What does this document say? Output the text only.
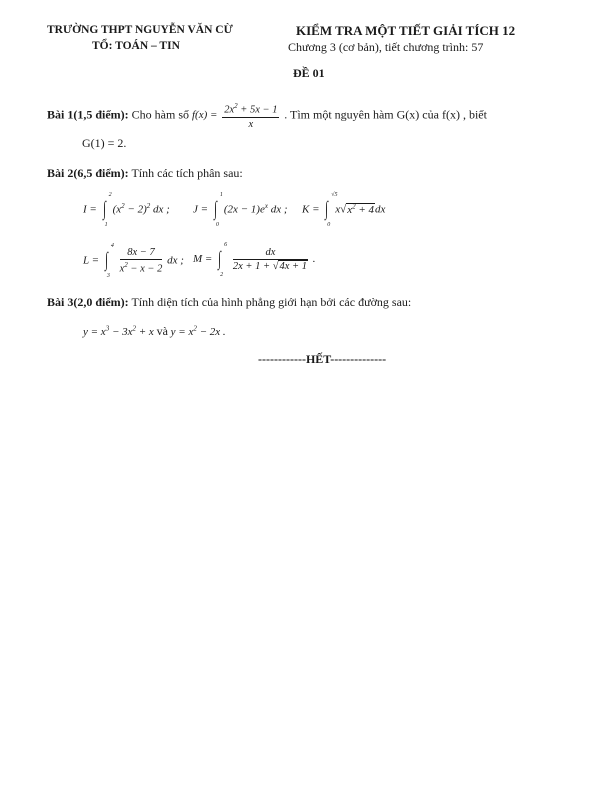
TRƯỜNG THPT NGUYỄN VĂN CỪ
TỔ: TOÁN – TIN
KIỂM TRA MỘT TIẾT GIẢI TÍCH 12
Chương 3 (cơ bản), tiết chương trình: 57
ĐỀ 01
Bài 1(1,5 điểm): Cho hàm số $f(x) = \frac{2x^2 + 5x - 1}{x}$ . Tìm một nguyên hàm G(x) của f(x) , biết
G(1) = 2.
Bài 2(6,5 điểm): Tính các tích phân sau:
I = ∫
2
1
$(x^2 - 2)^2$ dx ; J = ∫
1
0
$(2x - 1)e^x$ dx ; K = ∫
√5
0
$x√x^2 + 4dx$
L = ∫
4
3

$\frac{8x - 7}{x^2 - x - 2}$ dx ; M = ∫
6
2

$\frac{dx}{2x + 1 + √4x + 1}$ .
Bài 3(2,0 điểm): Tính diện tích của hình phẳng giới hạn bởi các đường sau:
$y = x^3 - 3x^2 + x$ và $y = x^2 - 2x$ .
------------HẾT--------------
